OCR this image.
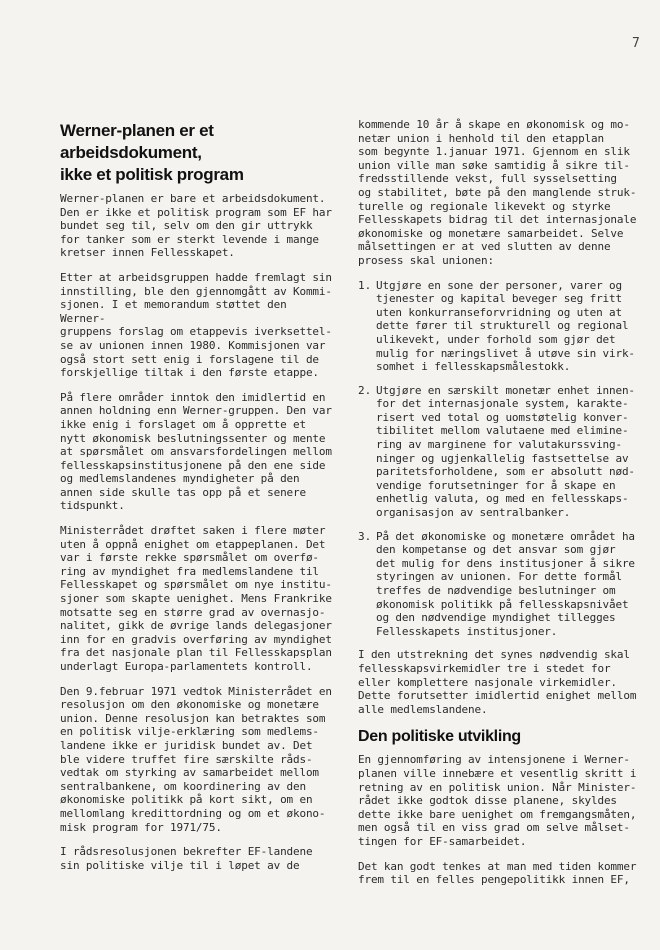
7
Werner-planen er et arbeidsdokument,
ikke et politisk program

Werner-planen er bare et arbeidsdokument.
Den er ikke et politisk program som EF har
bundet seg til, selv om den gir uttrykk
for tanker som er sterkt levende i mange
kretser innen Fellesskapet.

Etter at arbeidsgruppen hadde fremlagt sin
innstilling, ble den gjennomgått av Kommi-
sjonen. I et memorandum støttet den Werner-
gruppens forslag om etappevis iverksettel-
se av unionen innen 1980. Kommisjonen var
også stort sett enig i forslagene til de
forskjellige tiltak i den første etappe.

På flere områder inntok den imidlertid en
annen holdning enn Werner-gruppen. Den var
ikke enig i forslaget om å opprette et
nytt økonomisk beslutningssenter og mente
at spørsmålet om ansvarsfordelingen mellom
fellesskapsinstitusjonene på den ene side
og medlemslandenes myndigheter på den
annen side skulle tas opp på et senere
tidspunkt.

Ministerrådet drøftet saken i flere møter
uten å oppnå enighet om etappeplanen. Det
var i første rekke spørsmålet om overfø-
ring av myndighet fra medlemslandene til
Fellesskapet og spørsmålet om nye institu-
sjoner som skapte uenighet. Mens Frankrike
motsatte seg en større grad av overnasjo-
nalitet, gikk de øvrige lands delegasjoner
inn for en gradvis overføring av myndighet
fra det nasjonale plan til Fellesskapsplan
underlagt Europa-parlamentets kontroll.

Den 9.februar 1971 vedtok Ministerrådet en
resolusjon om den økonomiske og monetære
union. Denne resolusjon kan betraktes som
en politisk vilje-erklæring som medlems-
landene ikke er juridisk bundet av. Det
ble videre truffet fire særskilte råds-
vedtak om styrking av samarbeidet mellom
sentralbankene, om koordinering av den
økonomiske politikk på kort sikt, om en
mellomlang kredittordning og om et økono-
misk program for 1971/75.

I rådsresolusjonen bekrefter EF-landene
sin politiske vilje til i løpet av de

kommende 10 år å skape en økonomisk og mo-
netær union i henhold til den etapplan
som begynte 1.januar 1971. Gjennom en slik
union ville man søke samtidig å sikre til-
fredsstillende vekst, full sysselsetting
og stabilitet, bøte på den manglende struk-
turelle og regionale likevekt og styrke
Fellesskapets bidrag til det internasjonale
økonomiske og monetære samarbeidet. Selve
målsettingen er at ved slutten av denne
prosess skal unionen:

1. Utgjøre en sone der personer, varer og
tjenester og kapital beveger seg fritt
uten konkurranseforvridning og uten at
dette fører til strukturell og regional
ulikevekt, under forhold som gjør det
mulig for næringslivet å utøve sin virk-
somhet i fellesskapsmålestokk.

2. Utgjøre en særskilt monetær enhet innen-
for det internasjonale system, karakte-
risert ved total og uomstøtelig konver-
tibilitet mellom valutaene med elimine-
ring av marginene for valutakurssving-
ninger og ugjenkallelig fastsettelse av
paritetsforholdene, som er absolutt nød-
vendige forutsetninger for å skape en
enhetlig valuta, og med en fellesskaps-
organisasjon av sentralbanker.

3. På det økonomiske og monetære området ha
den kompetanse og det ansvar som gjør
det mulig for dens institusjoner å sikre
styringen av unionen. For dette formål
treffes de nødvendige beslutninger om
økonomisk politikk på fellesskapsnivået
og den nødvendige myndighet tillegges
Fellesskapets institusjoner.

I den utstrekning det synes nødvendig skal
fellesskapsvirkemidler tre i stedet for
eller komplettere nasjonale virkemidler.
Dette forutsetter imidlertid enighet mellom
alle medlemslandene.

Den politiske utvikling

En gjennomføring av intensjonene i Werner-
planen ville innebære et vesentlig skritt i
retning av en politisk union. Når Minister-
rådet ikke godtok disse planene, skyldes
dette ikke bare uenighet om fremgangsmåten,
men også til en viss grad om selve målset-
tingen for EF-samarbeidet.

Det kan godt tenkes at man med tiden kommer
frem til en felles pengepolitikk innen EF,
